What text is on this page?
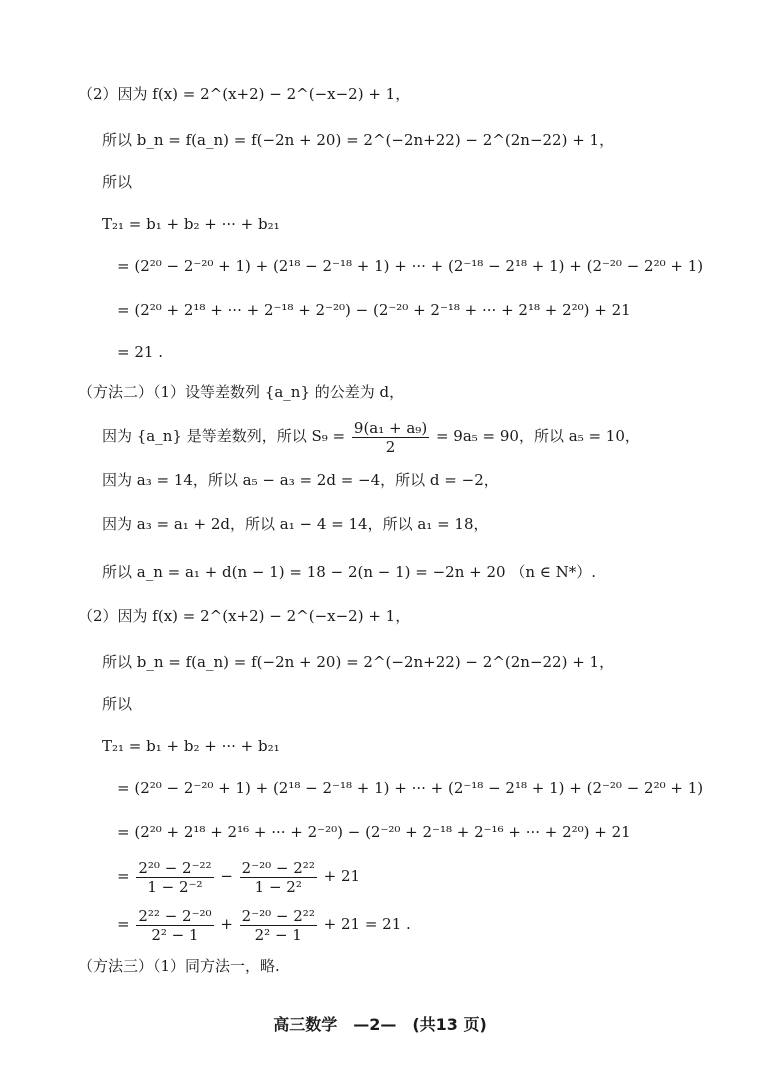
（2）因为 f(x) = 2^(x+2) − 2^(−x−2) + 1，
所以 b_n = f(a_n) = f(−2n + 20) = 2^(−2n+22) − 2^(2n−22) + 1，
所以
T₂₁ = b₁ + b₂ + ··· + b₂₁
= (2²⁰ − 2⁻²⁰ + 1) + (2¹⁸ − 2⁻¹⁸ + 1) + ··· + (2⁻¹⁸ − 2¹⁸ + 1) + (2⁻²⁰ − 2²⁰ + 1)
= (2²⁰ + 2¹⁸ + ··· + 2⁻¹⁸ + 2⁻²⁰) − (2⁻²⁰ + 2⁻¹⁸ + ··· + 2¹⁸ + 2²⁰) + 21
= 21 .
（方法二）（1）设等差数列 {a_n} 的公差为 d，
因为 {a_n} 是等差数列，所以 $S_9 = \frac{\text{9(a₁ + a₉)}}{2} = 9a_5 = 90$，所以 a₅ = 10，
因为 a₃ = 14，所以 a₅ − a₃ = 2d = −4，所以 d = −2，
因为 a₃ = a₁ + 2d，所以 a₁ − 4 = 14，所以 a₁ = 18，
所以 a_n = a₁ + d(n − 1) = 18 − 2(n − 1) = −2n + 20 （n ∈ N*）.
（2）因为 f(x) = 2^(x+2) − 2^(−x−2) + 1，
所以 b_n = f(a_n) = f(−2n + 20) = 2^(−2n+22) − 2^(2n−22) + 1，
所以
T₂₁ = b₁ + b₂ + ··· + b₂₁
= (2²⁰ − 2⁻²⁰ + 1) + (2¹⁸ − 2⁻¹⁸ + 1) + ··· + (2⁻¹⁸ − 2¹⁸ + 1) + (2⁻²⁰ − 2²⁰ + 1)
= (2²⁰ + 2¹⁸ + 2¹⁶ + ··· + 2⁻²⁰) − (2⁻²⁰ + 2⁻¹⁸ + 2⁻¹⁶ + ··· + 2²⁰) + 21
= $\frac{\text{2²⁰ − 2⁻²²}}{\text{1 − 2⁻²}} - \frac{\text{2⁻²⁰ − 2²²}}{\text{1 − 2²}} + 21$
= $\frac{\text{2²² − 2⁻²⁰}}{\text{2² − 1}} + \frac{\text{2⁻²⁰ − 2²²}}{\text{2² − 1}} + 21 = 21$ .
（方法三）（1）同方法一，略.
高三数学　—2—　(共13 页)
